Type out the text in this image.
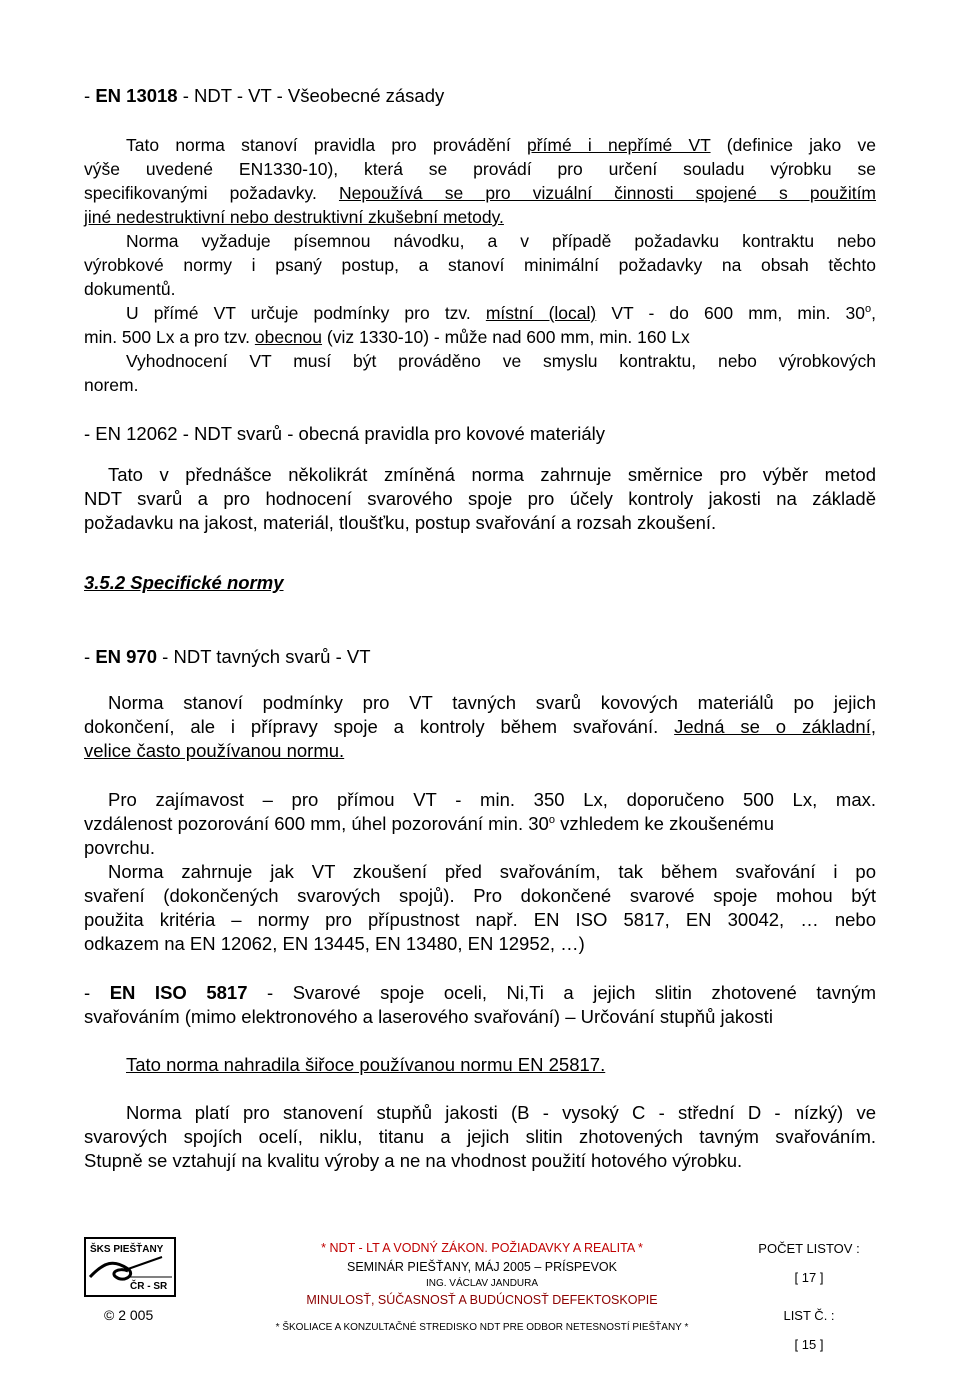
- EN 13018 - NDT - VT - Všeobecné zásady
Tato norma stanoví pravidla pro provádění přímé i nepřímé VT (definice jako ve
výše uvedené EN1330-10), která se provádí pro určení souladu výrobku se
specifikovanými požadavky. Nepoužívá se pro vizuální činnosti spojené s použitím
jiné nedestruktivní nebo destruktivní zkušební metody.
Norma vyžaduje písemnou návodku, a v případě požadavku kontraktu nebo
výrobkové normy i psaný postup, a stanoví minimální požadavky na obsah těchto
dokumentů.
U přímé VT určuje podmínky pro tzv. místní (local) VT - do 600 mm, min. 30$^o$,
min. 500 Lx a pro tzv. obecnou (viz 1330-10) - může nad 600 mm, min. 160 Lx
Vyhodnocení VT musí být prováděno ve smyslu kontraktu, nebo výrobkových
norem.
- EN 12062 - NDT svarů - obecná pravidla pro kovové materiály
Tato v přednášce několikrát zmíněná norma zahrnuje směrnice pro výběr metod
NDT svarů a pro hodnocení svarového spoje pro účely kontroly jakosti na základě
požadavku na jakost, materiál, tloušťku, postup svařování a rozsah zkoušení.
3.5.2 Specifické normy
- EN 970 - NDT tavných svarů - VT
Norma stanoví podmínky pro VT tavných svarů kovových materiálů po jejich
dokončení, ale i přípravy spoje a kontroly během svařování. Jedná se o základní,
velice často používanou normu.
Pro zajímavost – pro přímou VT - min. 350 Lx, doporučeno 500 Lx, max.
vzdálenost pozorování 600 mm, úhel pozorování min. 30$^o$ vzhledem ke zkoušenému
povrchu.
Norma zahrnuje jak VT zkoušení před svařováním, tak během svařování i po
svaření (dokončených svarových spojů). Pro dokončené svarové spoje mohou být
použita kritéria – normy pro přípustnost např. EN ISO 5817, EN 30042, … nebo
odkazem na EN 12062, EN 13445, EN 13480, EN 12952, …)
- EN ISO 5817 - Svarové spoje oceli, Ni,Ti a jejich slitin zhotovené tavným
svařováním (mimo elektronového a laserového svařování) – Určování stupňů jakosti
Tato norma nahradila šiřoce používanou normu EN 25817.
Norma platí pro stanovení stupňů jakosti (B - vysoký C - střední D - nízký) ve
svarových spojích ocelí, niklu, titanu a jejich slitin zhotovených tavným svařováním.
Stupně se vztahují na kvalitu výroby a ne na vhodnost použití hotového výrobku.
ŠKS PIEŠŤANY
ČR - SR
© 2 005
* NDT - LT A VODNÝ ZÁKON. POŽIADAVKY A REALITA *
SEMINÁR PIEŠŤANY, MÁJ 2005 – PRÍSPEVOK
ING. VÁCLAV JANDURA
MINULOSŤ, SÚČASNOSŤ A BUDÚCNOSŤ DEFEKTOSKOPIE
* ŠKOLIACE A KONZULTAČNÉ STREDISKO NDT PRE ODBOR NETESNOSTÍ PIEŠŤANY *
POČET LISTOV :
[ 17 ]
LIST Č. :
[ 15 ]
